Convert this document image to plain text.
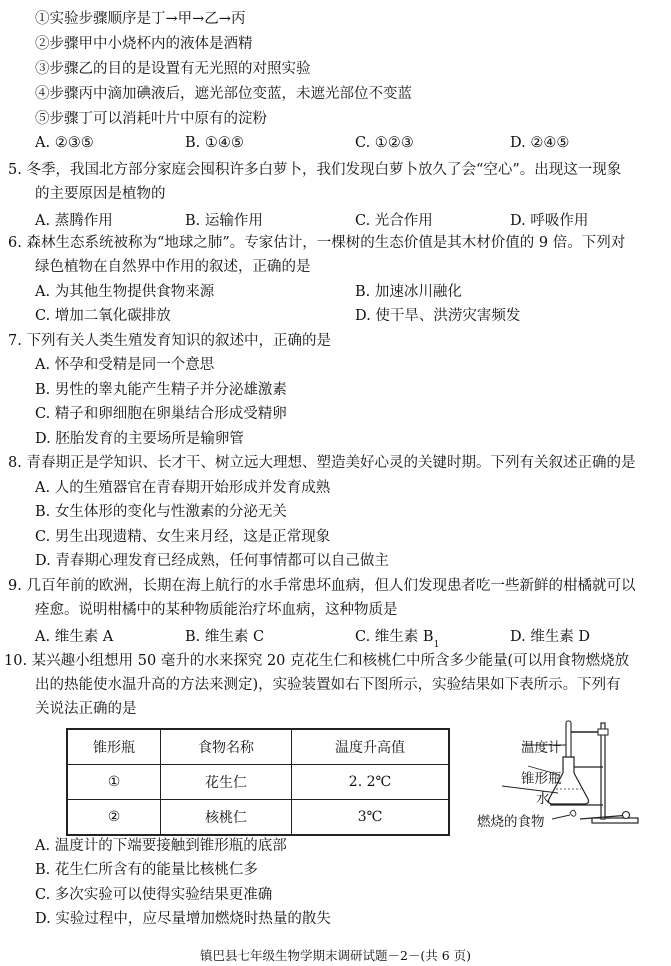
①实验步骤顺序是丁→甲→乙→丙
②步骤甲中小烧杯内的液体是酒精
③步骤乙的目的是设置有无光照的对照实验
④步骤丙中滴加碘液后，遮光部位变蓝，未遮光部位不变蓝
⑤步骤丁可以消耗叶片中原有的淀粉
A. ②③⑤	B. ①④⑤	C. ①②③	D. ②④⑤
5. 冬季，我国北方部分家庭会囤积许多白萝卜，我们发现白萝卜放久了会“空心”。出现这一现象
的主要原因是植物的
A. 蒸腾作用	B. 运输作用	C. 光合作用	D. 呼吸作用
6. 森林生态系统被称为“地球之肺”。专家估计，一棵树的生态价值是其木材价值的 9 倍。下列对
绿色植物在自然界中作用的叙述，正确的是
A. 为其他生物提供食物来源	B. 加速冰川融化
C. 增加二氧化碳排放	D. 使干旱、洪涝灾害频发
7. 下列有关人类生殖发育知识的叙述中，正确的是
A. 怀孕和受精是同一个意思
B. 男性的睾丸能产生精子并分泌雄激素
C. 精子和卵细胞在卵巢结合形成受精卵
D. 胚胎发育的主要场所是输卵管
8. 青春期正是学知识、长才干、树立远大理想、塑造美好心灵的关键时期。下列有关叙述正确的是
A. 人的生殖器官在青春期开始形成并发育成熟
B. 女生体形的变化与性激素的分泌无关
C. 男生出现遗精、女生来月经，这是正常现象
D. 青春期心理发育已经成熟，任何事情都可以自己做主
9. 几百年前的欧洲，长期在海上航行的水手常患坏血病，但人们发现患者吃一些新鲜的柑橘就可以
痊愈。说明柑橘中的某种物质能治疗坏血病，这种物质是
A. 维生素 A	B. 维生素 C	C. 维生素 $B_1$	D. 维生素 D
10. 某兴趣小组想用 50 毫升的水来探究 20 克花生仁和核桃仁中所含多少能量(可以用食物燃烧放
出的热能使水温升高的方法来测定)，实验装置如右下图所示，实验结果如下表所示。下列有
关说法正确的是
锥形瓶	食物名称	温度升高值
①	花生仁	2. 2℃
②	核桃仁	3℃
温度计
锥形瓶
水
燃烧的食物
A. 温度计的下端要接触到锥形瓶的底部
B. 花生仁所含有的能量比核桃仁多
C. 多次实验可以使得实验结果更准确
D. 实验过程中，应尽量增加燃烧时热量的散失
镇巴县七年级生物学期末调研试题－2－(共 6 页)
